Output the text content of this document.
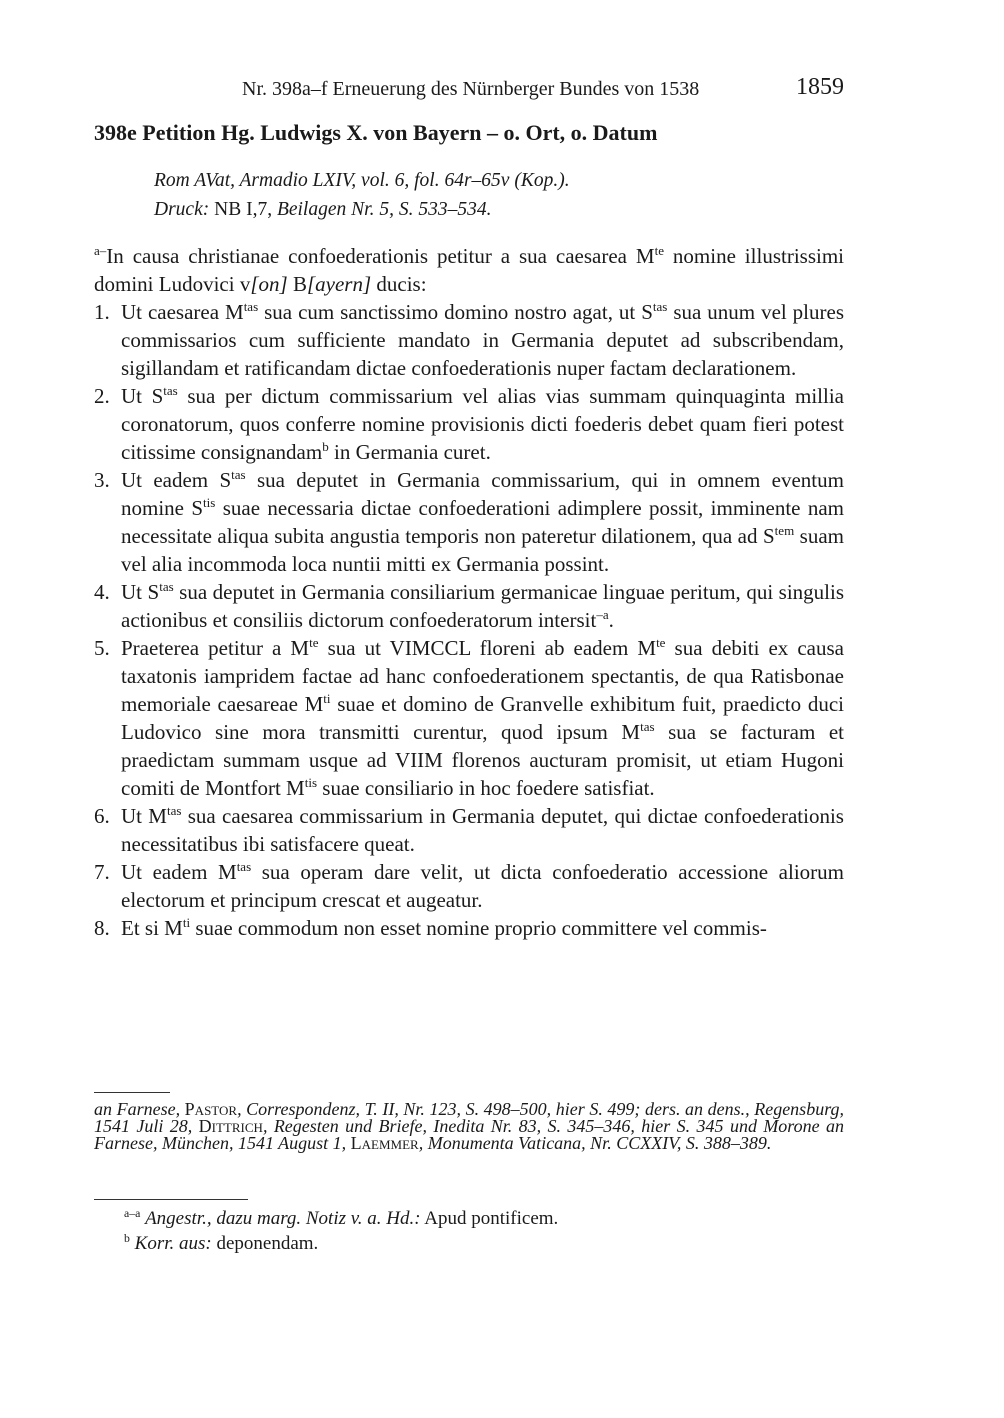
Nr. 398a–f Erneuerung des Nürnberger Bundes von 1538	1859
398e Petition Hg. Ludwigs X. von Bayern – o. Ort, o. Datum
Rom AVat, Armadio LXIV, vol. 6, fol. 64r–65v (Kop.).
Druck: NB I,7, Beilagen Nr. 5, S. 533–534.

$^{a-}$In causa christianae confoederationis petitur a sua caesarea $M^{te}$ nomine illustrissimi domini Ludovici v[on] B[ayern] ducis:

1. Ut caesarea $M^{tas}$ sua cum sanctissimo domino nostro agat, ut $S^{tas}$ sua unum vel plures commissarios cum sufficiente mandato in Germania deputet ad subscribendam, sigillandam et ratificandam dictae confoederationis nuper factam declarationem.
2. Ut $S^{tas}$ sua per dictum commissarium vel alias vias summam quinquaginta millia coronatorum, quos conferre nomine provisionis dicti foederis debet quam fieri potest citissime consignandam$^b$ in Germania curet.
3. Ut eadem $S^{tas}$ sua deputet in Germania commissarium, qui in omnem eventum nomine $S^{tis}$ suae necessaria dictae confoederationi adimplere possit, imminente nam necessitate aliqua subita angustia temporis non pateretur dilationem, qua ad $S^{tem}$ suam vel alia incommoda loca nuntii mitti ex Germania possint.
4. Ut $S^{tas}$ sua deputet in Germania consiliarium germanicae linguae peritum, qui singulis actionibus et consiliis dictorum confoederatorum intersit$^{-a}$.
5. Praeterea petitur a $M^{te}$ sua ut VIMCCL floreni ab eadem $M^{te}$ sua debiti ex causa taxatonis iampridem factae ad hanc confoederationem spectantis, de qua Ratisbonae memoriale caesareae $M^{ti}$ suae et domino de Granvelle exhibitum fuit, praedicto duci Ludovico sine mora transmitti curentur, quod ipsum $M^{tas}$ sua se facturam et praedictam summam usque ad VIIM florenos aucturam promisit, ut etiam Hugoni comiti de Montfort $M^{tis}$ suae consiliario in hoc foedere satisfiat.
6. Ut $M^{tas}$ sua caesarea commissarium in Germania deputet, qui dictae confoederationis necessitatibus ibi satisfacere queat.
7. Ut eadem $M^{tas}$ sua operam dare velit, ut dicta confoederatio accessione aliorum electorum et principum crescat et augeatur.
8. Et si $M^{ti}$ suae commodum non esset nomine proprio committere vel commis-
an Farnese, Pastor, Correspondenz, T. II, Nr. 123, S. 498–500, hier S. 499; ders. an dens., Regensburg, 1541 Juli 28, Dittrich, Regesten und Briefe, Inedita Nr. 83, S. 345–346, hier S. 345 und Morone an Farnese, München, 1541 August 1, Laemmer, Monumenta Vaticana, Nr. CCXXIV, S. 388–389.

$^{a-a}$ Angestr., dazu marg. Notiz v. a. Hd.: Apud pontificem.

$^b$ Korr. aus: deponendam.
